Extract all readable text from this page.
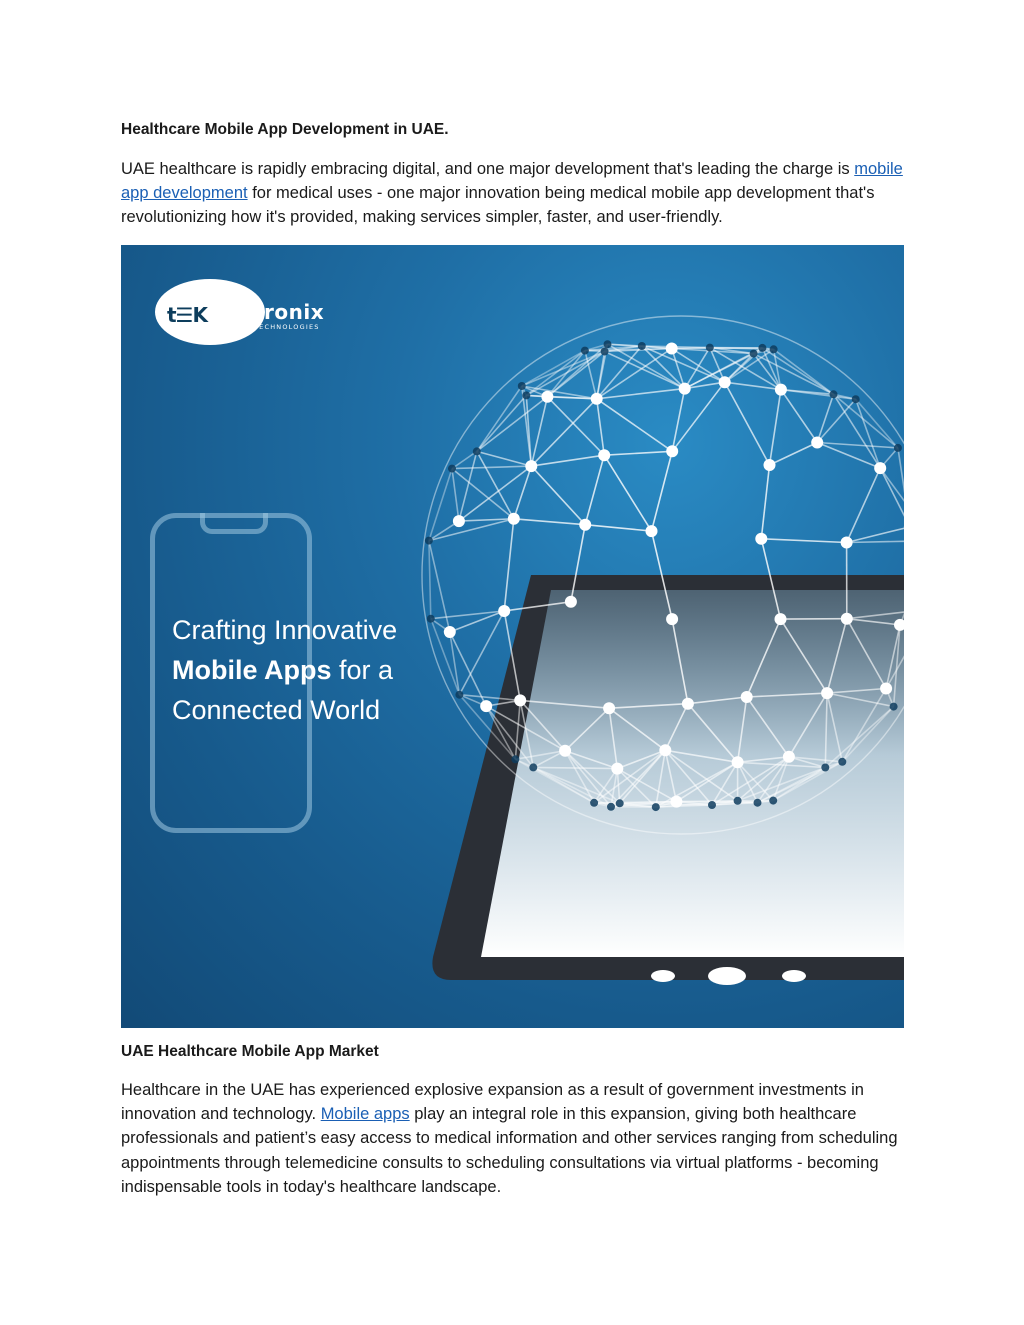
Healthcare Mobile App Development in UAE.
UAE healthcare is rapidly embracing digital, and one major development that's leading the charge is mobile app development for medical uses - one major innovation being medical mobile app development that's revolutionizing how it's provided, making services simpler, faster, and user-friendly.
t☰K tronix
TECHNOLOGIES
Crafting Innovative
Mobile Apps for a
Connected World
UAE Healthcare Mobile App Market
Healthcare in the UAE has experienced explosive expansion as a result of government investments in innovation and technology. Mobile apps play an integral role in this expansion, giving both healthcare professionals and patient’s easy access to medical information and other services ranging from scheduling appointments through telemedicine consults to scheduling consultations via virtual platforms - becoming indispensable tools in today's healthcare landscape.
